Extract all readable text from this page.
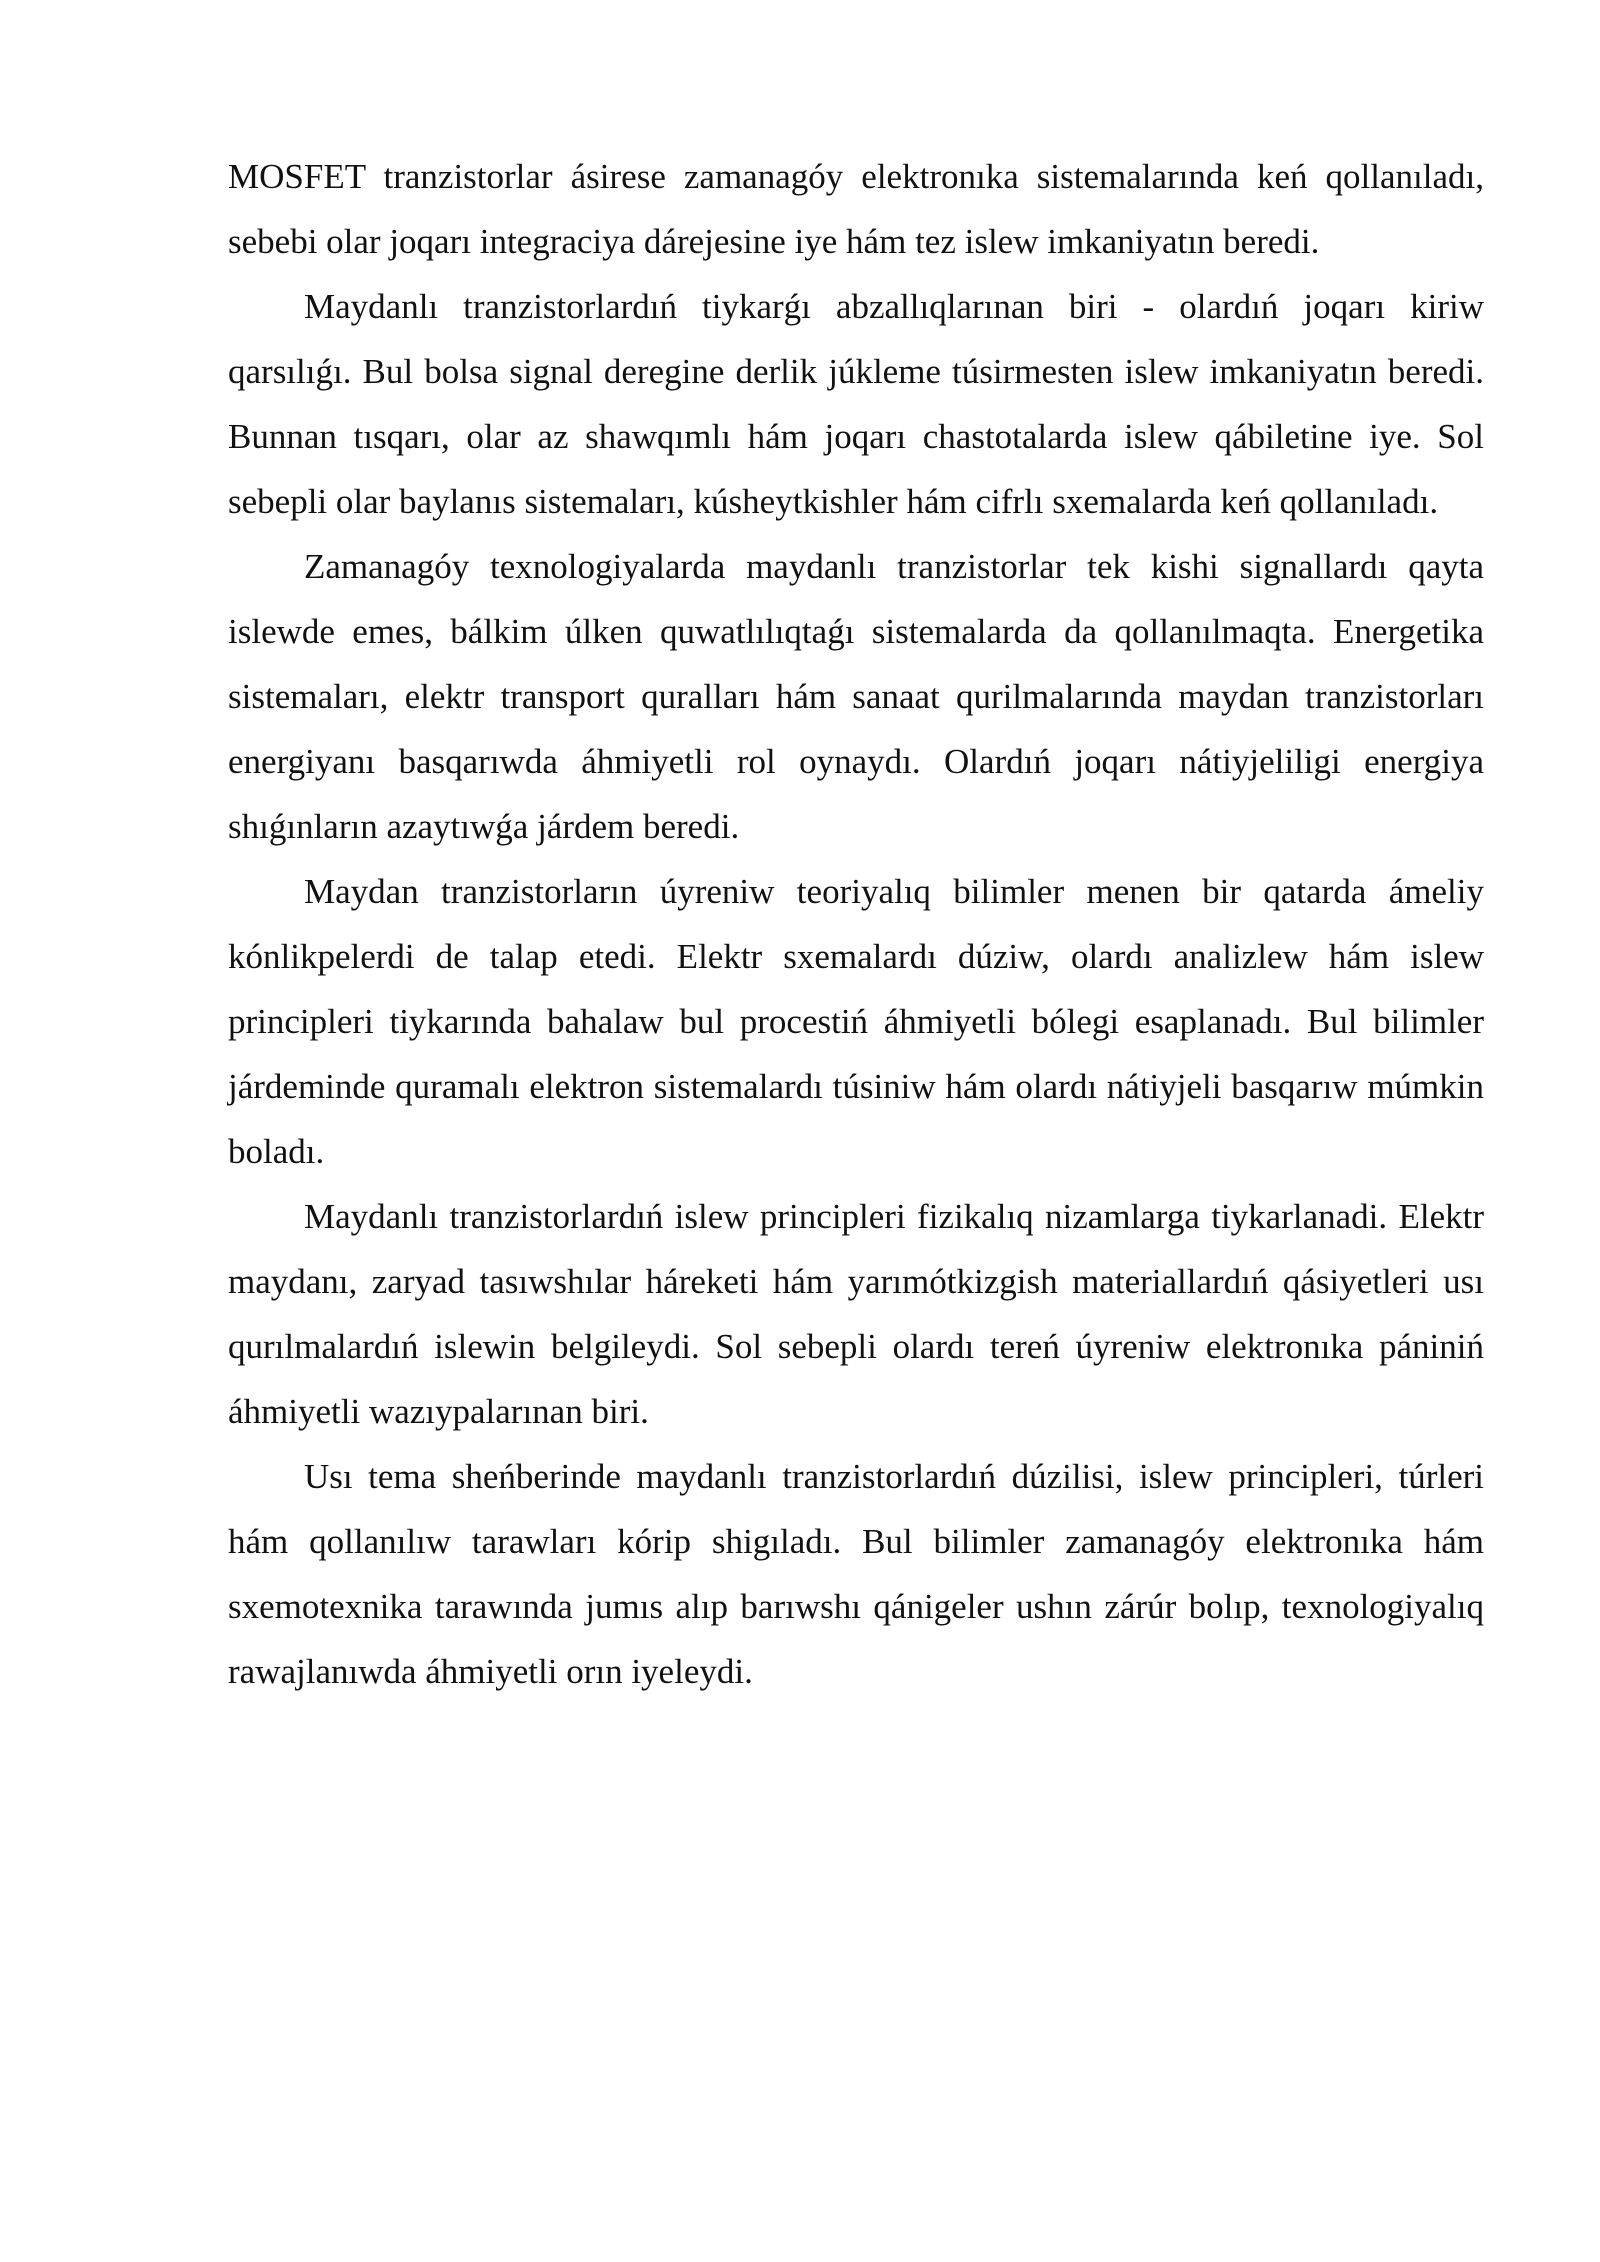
MOSFET tranzistorlar ásirese zamanagóy elektronıka sistemalarında keń qollanıladı, sebebi olar joqarı integraciya dárejesine iye hám tez islew imkaniyatın beredi.

Maydanlı tranzistorlardıń tiykarǵı abzallıqlarınan biri - olardıń joqarı kiriw qarsılıǵı. Bul bolsa signal deregine derlik júkleme túsirmesten islew imkaniyatın beredi. Bunnan tısqarı, olar az shawqımlı hám joqarı chastotalarda islew qábiletine iye. Sol sebepli olar baylanıs sistemaları, kúsheytkishler hám cifrlı sxemalarda keń qollanıladı.

Zamanagóy texnologiyalarda maydanlı tranzistorlar tek kishi signallardı qayta islewde emes, bálkim úlken quwatlılıqtaǵı sistemalarda da qollanılmaqta. Energetika sistemaları, elektr transport quralları hám sanaat qurilmalarında maydan tranzistorları energiyanı basqarıwda áhmiyetli rol oynaydı. Olardıń joqarı nátiyjeliligi energiya shıǵınların azaytıwǵa járdem beredi.

Maydan tranzistorların úyreniw teoriyalıq bilimler menen bir qatarda ámeliy kónlikpelerdi de talap etedi. Elektr sxemalardı dúziw, olardı analizlew hám islew principleri tiykarında bahalaw bul procestiń áhmiyetli bólegi esaplanadı. Bul bilimler járdeminde quramalı elektron sistemalardı túsiniw hám olardı nátiyjeli basqarıw múmkin boladı.

Maydanlı tranzistorlardıń islew principleri fizikalıq nizamlarga tiykarlanadi. Elektr maydanı, zaryad tasıwshılar háreketi hám yarımótkizgish materiallardıń qásiyetleri usı qurılmalardıń islewin belgileydi. Sol sebepli olardı tereń úyreniw elektronıka pániniń áhmiyetli wazıypalarınan biri.

Usı tema sheńberinde maydanlı tranzistorlardıń dúzilisi, islew principleri, túrleri hám qollanılıw tarawları kórip shigıladı. Bul bilimler zamanagóy elektronıka hám sxemotexnika tarawında jumıs alıp barıwshı qánigeler ushın zárúr bolıp, texnologiyalıq rawajlanıwda áhmiyetli orın iyeleydi.
